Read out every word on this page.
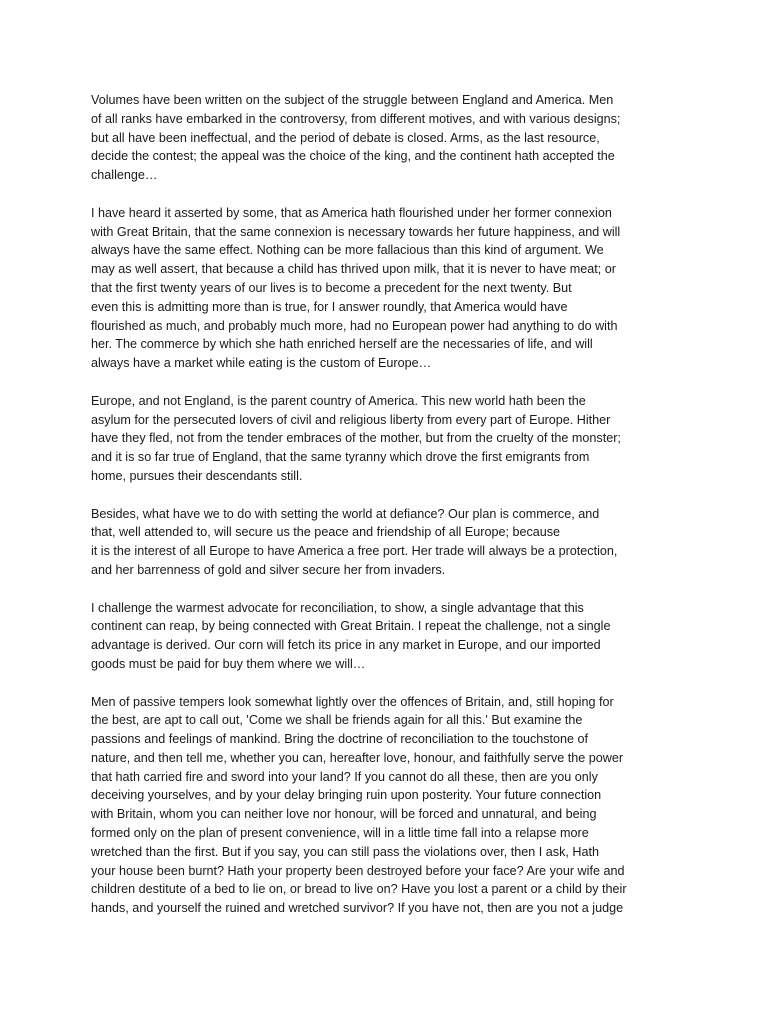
Volumes have been written on the subject of the struggle between England and America. Men
of all ranks have embarked in the controversy, from different motives, and with various designs;
but all have been ineffectual, and the period of debate is closed. Arms, as the last resource,
decide the contest; the appeal was the choice of the king, and the continent hath accepted the
challenge…

I have heard it asserted by some, that as America hath flourished under her former connexion
with Great Britain, that the same connexion is necessary towards her future happiness, and will
always have the same effect. Nothing can be more fallacious than this kind of argument. We
may as well assert, that because a child has thrived upon milk, that it is never to have meat; or
that the first twenty years of our lives is to become a precedent for the next twenty. But
even this is admitting more than is true, for I answer roundly, that America would have
flourished as much, and probably much more, had no European power had anything to do with
her. The commerce by which she hath enriched herself are the necessaries of life, and will
always have a market while eating is the custom of Europe…

Europe, and not England, is the parent country of America. This new world hath been the
asylum for the persecuted lovers of civil and religious liberty from every part of Europe. Hither
have they fled, not from the tender embraces of the mother, but from the cruelty of the monster;
and it is so far true of England, that the same tyranny which drove the first emigrants from
home, pursues their descendants still.

Besides, what have we to do with setting the world at defiance? Our plan is commerce, and
that, well attended to, will secure us the peace and friendship of all Europe; because
it is the interest of all Europe to have America a free port. Her trade will always be a protection,
and her barrenness of gold and silver secure her from invaders.

I challenge the warmest advocate for reconciliation, to show, a single advantage that this
continent can reap, by being connected with Great Britain. I repeat the challenge, not a single
advantage is derived. Our corn will fetch its price in any market in Europe, and our imported
goods must be paid for buy them where we will…

Men of passive tempers look somewhat lightly over the offences of Britain, and, still hoping for
the best, are apt to call out, 'Come we shall be friends again for all this.' But examine the
passions and feelings of mankind. Bring the doctrine of reconciliation to the touchstone of
nature, and then tell me, whether you can, hereafter love, honour, and faithfully serve the power
that hath carried fire and sword into your land? If you cannot do all these, then are you only
deceiving yourselves, and by your delay bringing ruin upon posterity. Your future connection
with Britain, whom you can neither love nor honour, will be forced and unnatural, and being
formed only on the plan of present convenience, will in a little time fall into a relapse more
wretched than the first. But if you say, you can still pass the violations over, then I ask, Hath
your house been burnt? Hath your property been destroyed before your face? Are your wife and
children destitute of a bed to lie on, or bread to live on? Have you lost a parent or a child by their
hands, and yourself the ruined and wretched survivor? If you have not, then are you not a judge
